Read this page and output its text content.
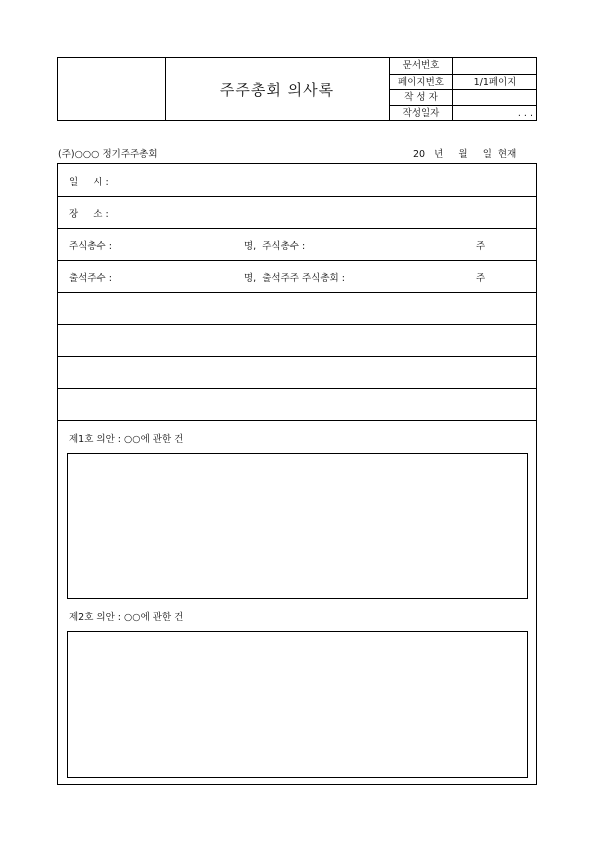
주주총회 의사록
문서번호
페이지번호	1/1페이지
작 성 자
작성일자	. . .
(주)○○○ 정기주주총회	20   년     월     일  현재
일     시 :
장     소 :
주식총수 :	명,  주식총수 :	주
출석주수 :	명,  출석주주 주식총회 :	주
제1호 의안 : ○○에 관한 건
제2호 의안 : ○○에 관한 건
